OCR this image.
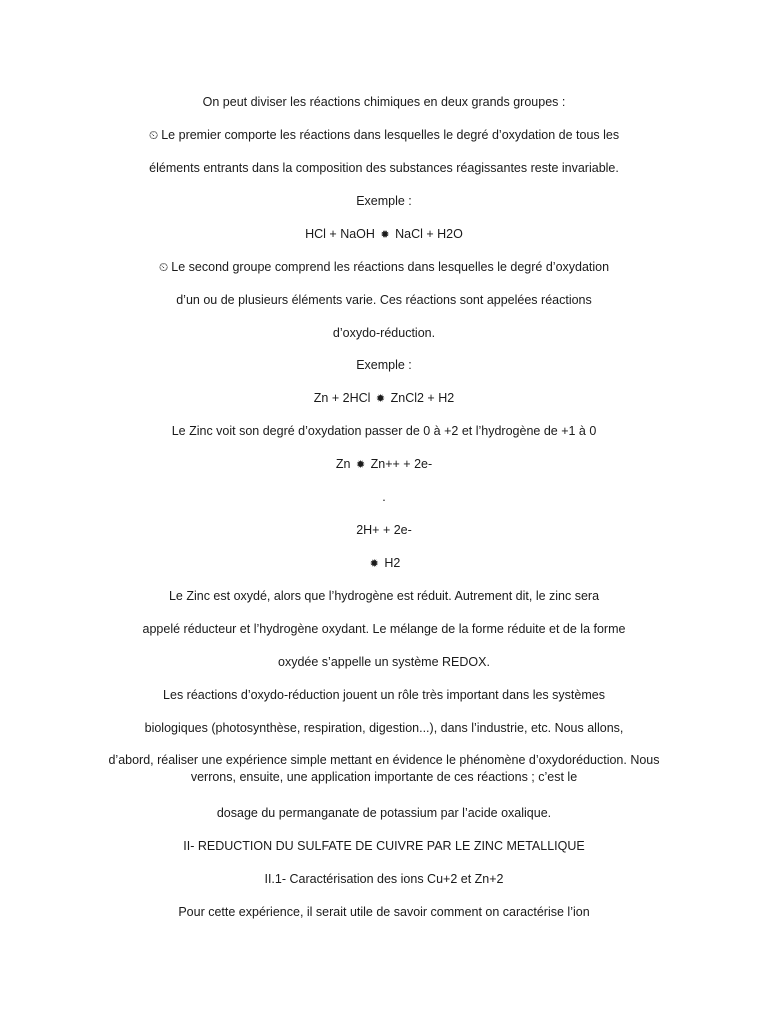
On peut diviser les réactions chimiques en deux grands groupes :
⏲ Le premier comporte les réactions dans lesquelles le degré d’oxydation de tous les
éléments entrants dans la composition des substances réagissantes reste invariable.
Exemple :
HCl + NaOH ✹ NaCl + H2O
⏲ Le second groupe comprend les réactions dans lesquelles le degré d’oxydation
d’un ou de plusieurs éléments varie. Ces réactions sont appelées réactions
d’oxydo-réduction.
Exemple :
Zn + 2HCl ✹ ZnCl2 + H2
Le Zinc voit son degré d’oxydation passer de 0 à +2 et l’hydrogène de +1 à 0
Zn ✹ Zn++ + 2e-
.
2H+ + 2e-
✹ H2
Le Zinc est oxydé, alors que l’hydrogène est réduit. Autrement dit, le zinc sera
appelé réducteur et l’hydrogène oxydant. Le mélange de la forme réduite et de la forme
oxydée s’appelle un système REDOX.
Les réactions d’oxydo-réduction jouent un rôle très important dans les systèmes
biologiques (photosynthèse, respiration, digestion...), dans l’industrie, etc. Nous allons,
d’abord, réaliser une expérience simple mettant en évidence le phénomène d’oxydoréduction. Nous verrons, ensuite, une application importante de ces réactions ; c’est le
dosage du permanganate de potassium par l’acide oxalique.
II- REDUCTION DU SULFATE DE CUIVRE PAR LE ZINC METALLIQUE
II.1- Caractérisation des ions Cu+2 et Zn+2
Pour cette expérience, il serait utile de savoir comment on caractérise l’ion
